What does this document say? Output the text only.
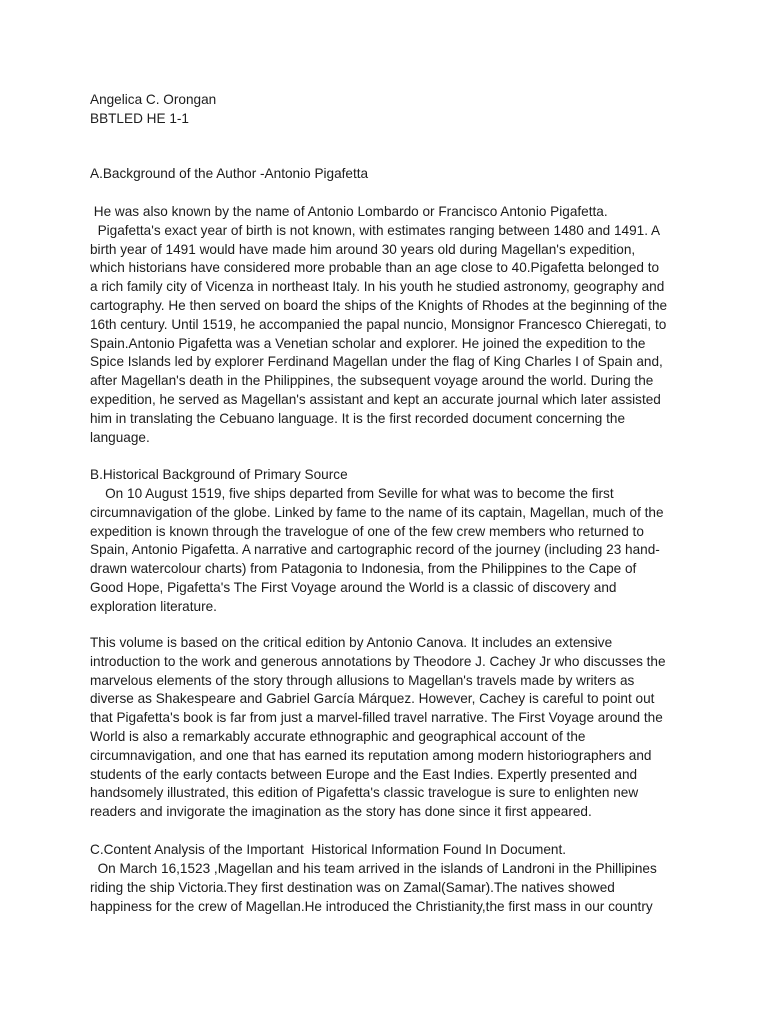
Angelica C. Orongan

BBTLED HE 1-1

A.Background of the Author -Antonio Pigafetta

He was also known by the name of Antonio Lombardo or Francisco Antonio Pigafetta.
Pigafetta's exact year of birth is not known, with estimates ranging between 1480 and 1491. A
birth year of 1491 would have made him around 30 years old during Magellan's expedition,
which historians have considered more probable than an age close to 40.Pigafetta belonged to
a rich family city of Vicenza in northeast Italy. In his youth he studied astronomy, geography and
cartography. He then served on board the ships of the Knights of Rhodes at the beginning of the
16th century. Until 1519, he accompanied the papal nuncio, Monsignor Francesco Chieregati, to
Spain.Antonio Pigafetta was a Venetian scholar and explorer. He joined the expedition to the
Spice Islands led by explorer Ferdinand Magellan under the flag of King Charles I of Spain and,
after Magellan's death in the Philippines, the subsequent voyage around the world. During the
expedition, he served as Magellan's assistant and kept an accurate journal which later assisted
him in translating the Cebuano language. It is the first recorded document concerning the
language.

B.Historical Background of Primary Source

On 10 August 1519, five ships departed from Seville for what was to become the first
circumnavigation of the globe. Linked by fame to the name of its captain, Magellan, much of the
expedition is known through the travelogue of one of the few crew members who returned to
Spain, Antonio Pigafetta. A narrative and cartographic record of the journey (including 23 hand-
drawn watercolour charts) from Patagonia to Indonesia, from the Philippines to the Cape of
Good Hope, Pigafetta's The First Voyage around the World is a classic of discovery and
exploration literature.

This volume is based on the critical edition by Antonio Canova. It includes an extensive
introduction to the work and generous annotations by Theodore J. Cachey Jr who discusses the
marvelous elements of the story through allusions to Magellan's travels made by writers as
diverse as Shakespeare and Gabriel García Márquez. However, Cachey is careful to point out
that Pigafetta's book is far from just a marvel-filled travel narrative. The First Voyage around the
World is also a remarkably accurate ethnographic and geographical account of the
circumnavigation, and one that has earned its reputation among modern historiographers and
students of the early contacts between Europe and the East Indies. Expertly presented and
handsomely illustrated, this edition of Pigafetta's classic travelogue is sure to enlighten new
readers and invigorate the imagination as the story has done since it first appeared.

C.Content Analysis of the Important  Historical Information Found In Document.

On March 16,1523 ,Magellan and his team arrived in the islands of Landroni in the Phillipines
riding the ship Victoria.They first destination was on Zamal(Samar).The natives showed
happiness for the crew of Magellan.He introduced the Christianity,the first mass in our country
